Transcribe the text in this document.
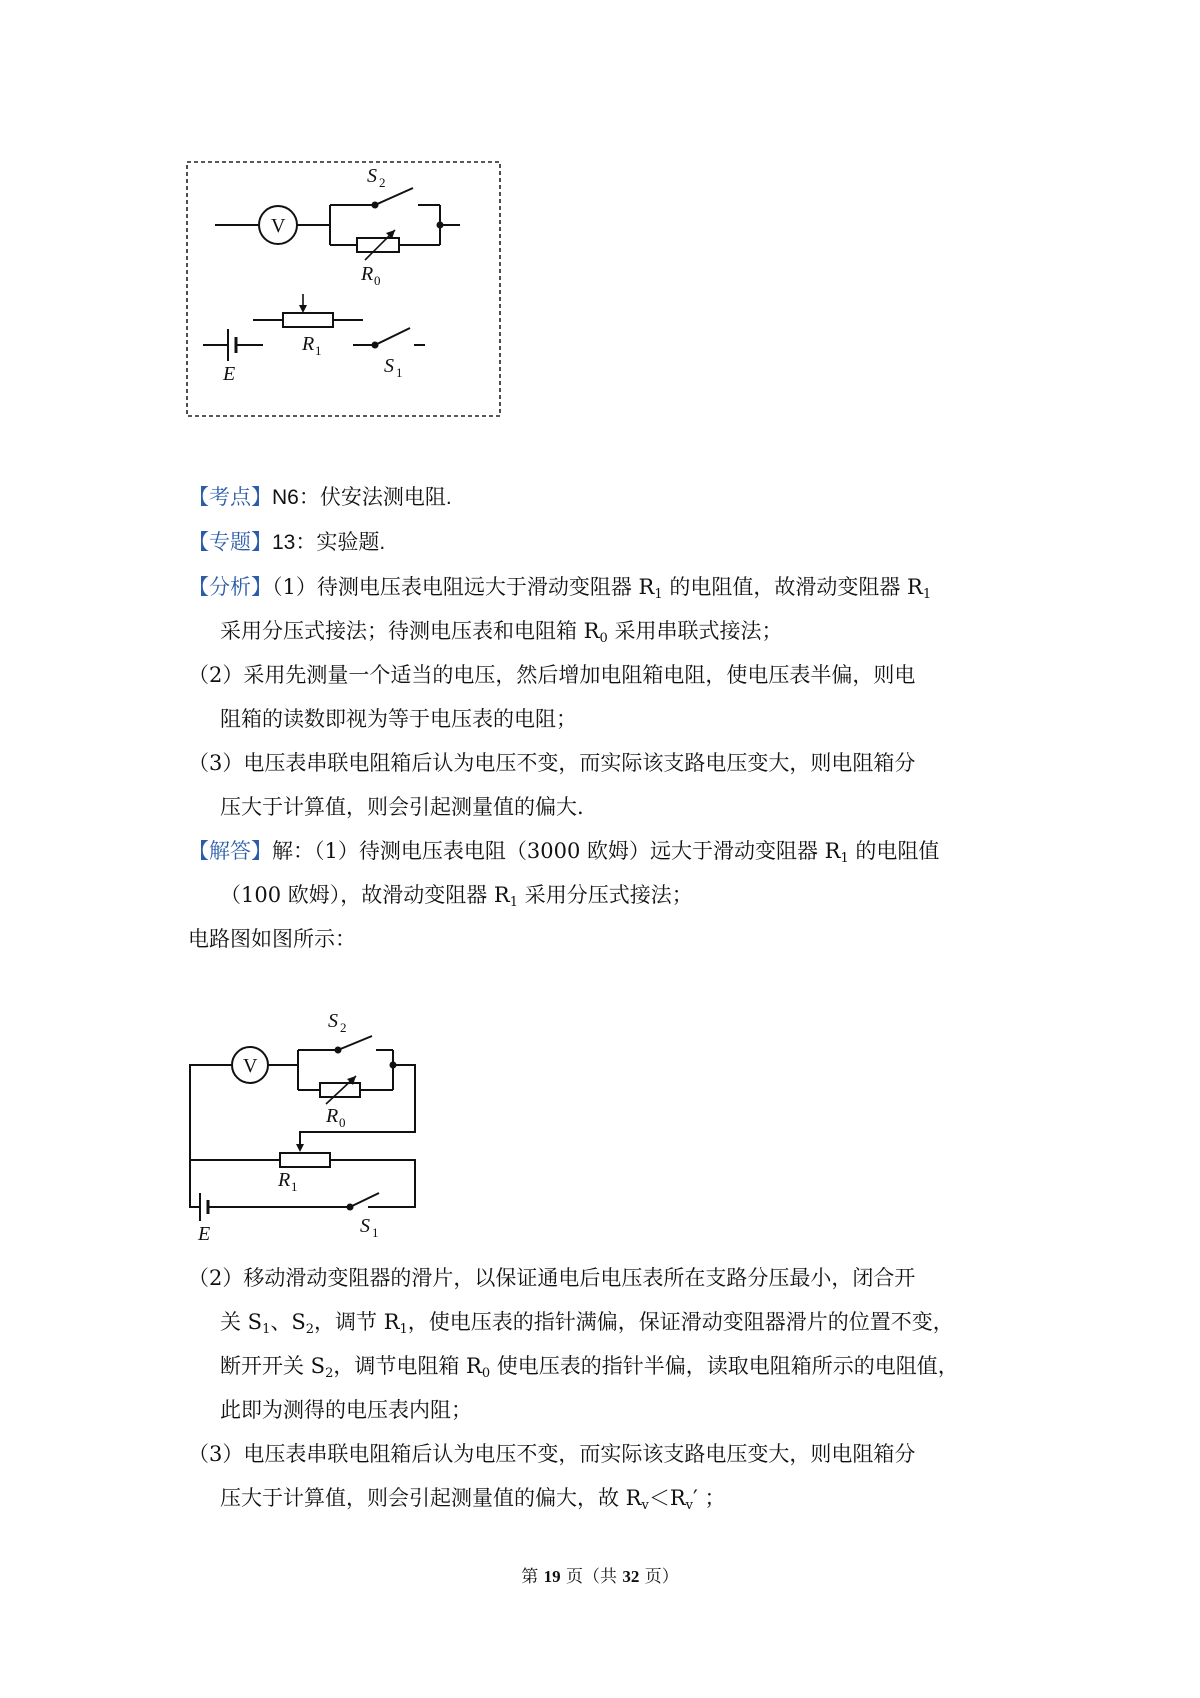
V
S 2
R 0
R 1
E	S 1

【考点】N6：伏安法测电阻.

【专题】13：实验题.

【分析】（1）待测电压表电阻远大于滑动变阻器 $R_1$ 的电阻值，故滑动变阻器 $R_1$
采用分压式接法；待测电压表和电阻箱 $R_0$ 采用串联式接法；

（2）采用先测量一个适当的电压，然后增加电阻箱电阻，使电压表半偏，则电
阻箱的读数即视为等于电压表的电阻；

（3）电压表串联电阻箱后认为电压不变，而实际该支路电压变大，则电阻箱分
压大于计算值，则会引起测量值的偏大.

【解答】解：（1）待测电压表电阻（3000 欧姆）远大于滑动变阻器 $R_1$ 的电阻值
（100 欧姆），故滑动变阻器 $R_1$ 采用分压式接法；

电路图如图所示：

V
S 2
R 0
R 1
E	S 1

（2）移动滑动变阻器的滑片，以保证通电后电压表所在支路分压最小，闭合开
关 $S_1$、$S_2$，调节 $R_1$，使电压表的指针满偏，保证滑动变阻器滑片的位置不变，
断开开关 $S_2$，调节电阻箱 $R_0$ 使电压表的指针半偏，读取电阻箱所示的电阻值，
此即为测得的电压表内阻；

（3）电压表串联电阻箱后认为电压不变，而实际该支路电压变大，则电阻箱分
压大于计算值，则会引起测量值的偏大，故 $R_v<R_v'$ ；

第 19 页（共 32 页）
